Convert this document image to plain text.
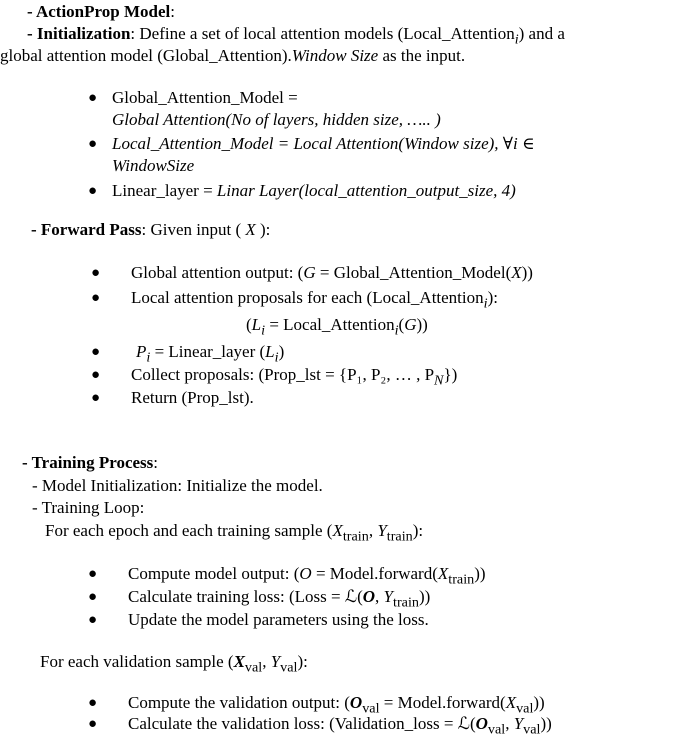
- ActionProp Model:
- Initialization: Define a set of local attention models (Local_Attention$_i$) and a
global attention model (Global_Attention).Window Size as the input.
● Global_Attention_Model =
Global Attention(No of layers, hidden size, ….. )
● Local_Attention_Model = Local Attention(Window size), ∀i ∈
WindowSize
● Linear_layer = Linar Layer(local_attention_output_size, 4)
- Forward Pass: Given input ( X ):
● Global attention output: (G = Global_Attention_Model(X))
● Local attention proposals for each (Local_Attention$_i$):
($L_i$ = Local_Attention$_i$(G))
● $P_i$ = Linear_layer $(L_i)$
● Collect proposals: (Prop_lst = {P₁, P₂, … , $P_N$})
● Return (Prop_lst).
- Training Process:
- Model Initialization: Initialize the model.
- Training Loop:
For each epoch and each training sample ($X_{train}$, $Y_{train}$):
● Compute model output: $(O = Model.forward(X_{train}))$
● Calculate training loss: (Loss = ℒ(O, $Y_{train}$))
● Update the model parameters using the loss.
For each validation sample ($X_{val}$, $Y_{val}$):
● Compute the validation output: ($O_{val}$ = $Model.forward(X_{val})$)
● Calculate the validation loss: (Validation_loss = $ℒ(O_{val}$, $Y_{val}$))
